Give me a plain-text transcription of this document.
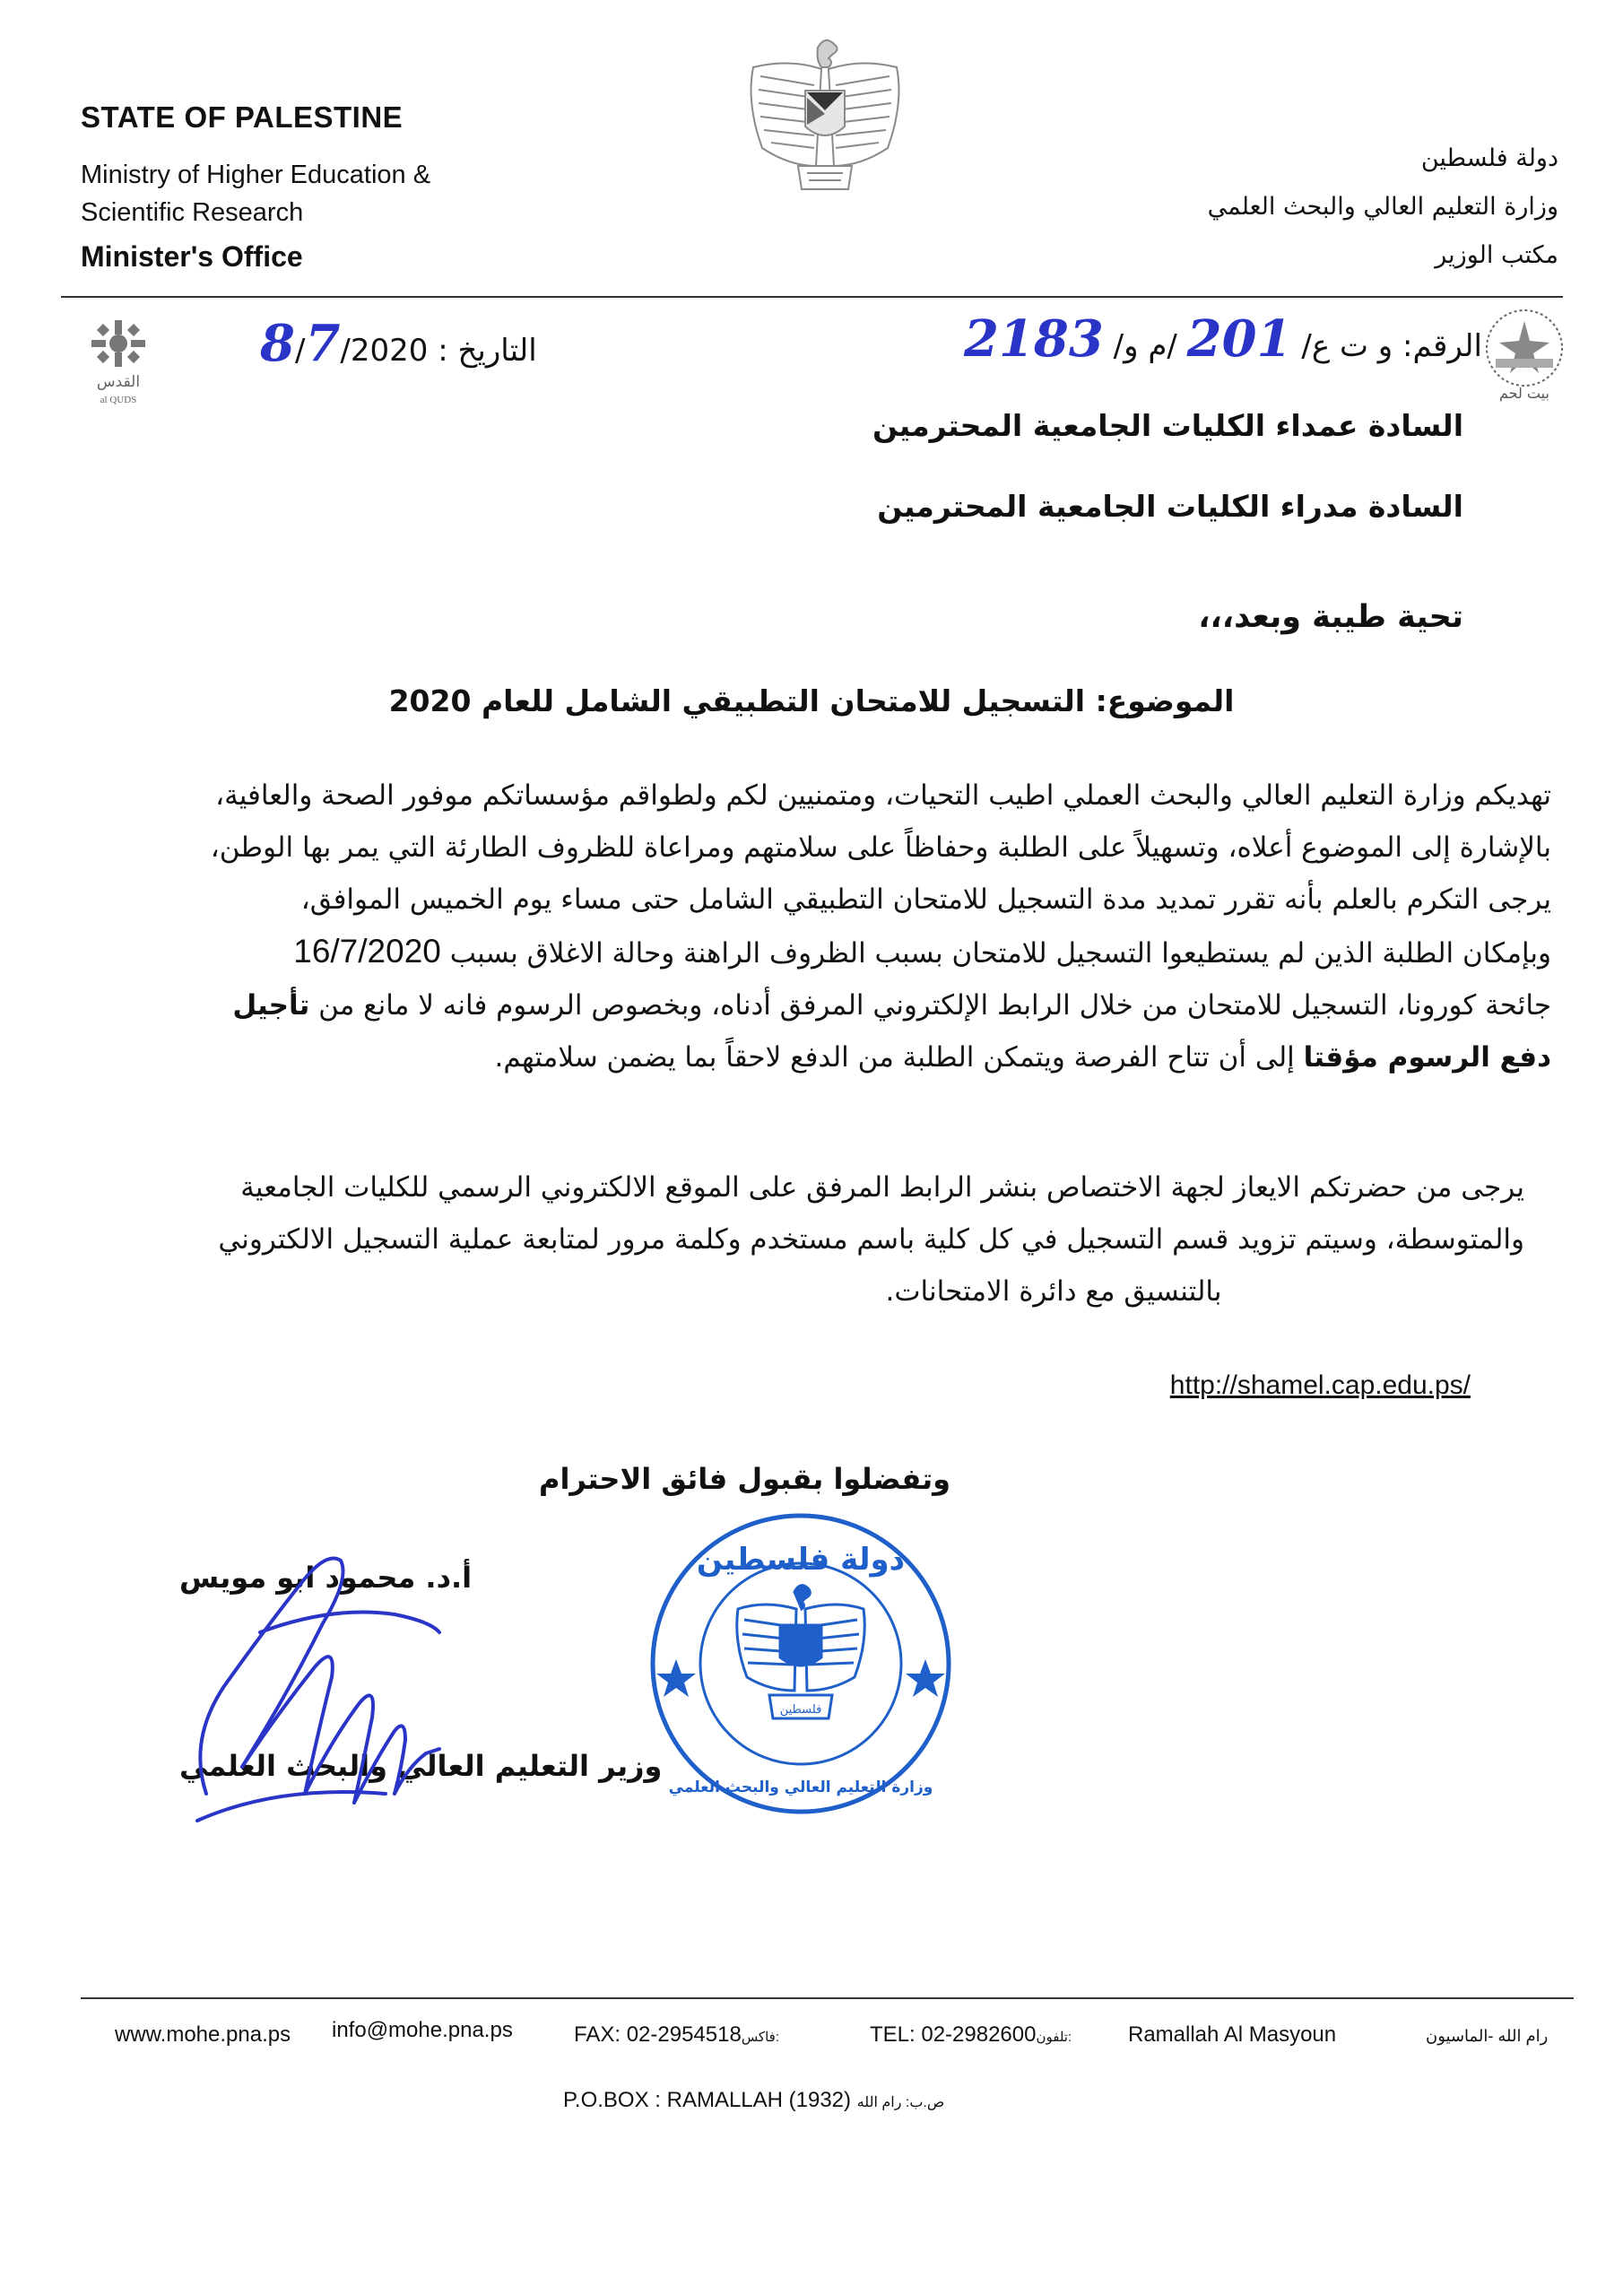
STATE OF PALESTINE
Ministry of Higher Education &
Scientific Research
Minister's Office
دولة فلسطين
وزارة التعليم العالي والبحث العلمي
مكتب الوزير
القدس
al QUDS	بيت لحم
التاريخ : 8/7/2020	الرقم: و ت ع/ 201 /م و/ 2183
السادة عمداء الكليات الجامعية المحترمين
السادة مدراء الكليات الجامعية المحترمين
تحية طيبة وبعد،،،
الموضوع: التسجيل للامتحان التطبيقي الشامل للعام 2020

تهديكم وزارة التعليم العالي والبحث العملي اطيب التحيات، ومتمنيين لكم ولطواقم مؤسساتكم موفور الصحة والعافية،

بالإشارة إلى الموضوع أعلاه، وتسهيلاً على الطلبة وحفاظاً على سلامتهم ومراعاة للظروف الطارئة التي يمر بها الوطن،

يرجى التكرم بالعلم بأنه تقرر تمديد مدة التسجيل للامتحان التطبيقي الشامل حتى مساء يوم الخميس الموافق،

وبإمكان الطلبة الذين لم يستطيعوا التسجيل للامتحان بسبب الظروف الراهنة وحالة الاغلاق بسبب 16/7/2020

جائحة كورونا، التسجيل للامتحان من خلال الرابط الإلكتروني المرفق أدناه، وبخصوص الرسوم فانه لا مانع من تأجيل

دفع الرسوم مؤقتا إلى أن تتاح الفرصة ويتمكن الطلبة من الدفع لاحقاً بما يضمن سلامتهم.

يرجى من حضرتكم الايعاز لجهة الاختصاص بنشر الرابط المرفق على الموقع الالكتروني الرسمي للكليات الجامعية

والمتوسطة، وسيتم تزويد قسم التسجيل في كل كلية باسم مستخدم وكلمة مرور لمتابعة عملية التسجيل الالكتروني

بالتنسيق مع دائرة الامتحانات.

http://shamel.cap.edu.ps/
وتفضلوا بقبول فائق الاحترام
أ.د. محمود ابو مويس
وزير التعليم العالي والبحث العلمي
دولة فلسطين
وزارة التعليم العالي والبحث العلمي
فلسطين
www.mohe.pna.ps info@mohe.pna.ps	FAX: 02-2954518فاكس:	TEL: 02-2982600تلفون:	Ramallah Al Masyoun	رام الله -الماسيون
P.O.BOX : RAMALLAH (1932) ص.ب: رام الله
